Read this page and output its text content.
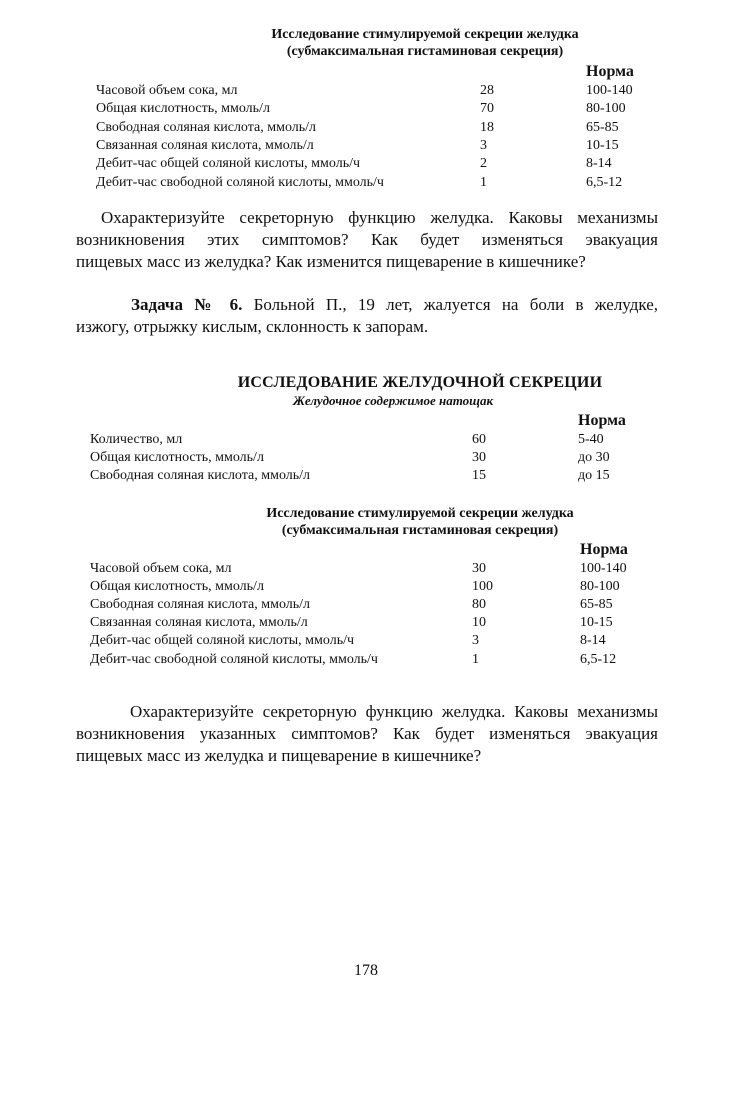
Исследование стимулируемой секреции желудка
(субмаксимальная гистаминовая секреция)
Норма
Часовой объем сока, мл	28	100-140
Общая кислотность, ммоль/л	70	80-100
Свободная соляная кислота, ммоль/л	18	65-85
Связанная соляная кислота, ммоль/л	3	10-15
Дебит-час общей соляной кислоты, ммоль/ч	2	8-14
Дебит-час свободной соляной кислоты, ммоль/ч	1	6,5-12
Охарактеризуйте секреторную функцию желудка. Каковы механизмы
возникновения этих симптомов? Как будет изменяться эвакуация
пищевых масс из желудка? Как изменится пищеварение в кишечнике?
Задача № 6. Больной П., 19 лет, жалуется на боли в желудке,
изжогу, отрыжку кислым, склонность к запорам.
ИССЛЕДОВАНИЕ ЖЕЛУДОЧНОЙ СЕКРЕЦИИ
Желудочное содержимое натощак
Норма
Количество, мл	60	5-40
Общая кислотность, ммоль/л	30	до 30
Свободная соляная кислота, ммоль/л	15	до 15
Исследование стимулируемой секреции желудка
(субмаксимальная гистаминовая секреция)
Норма
Часовой объем сока, мл	30	100-140
Общая кислотность, ммоль/л	100	80-100
Свободная соляная кислота, ммоль/л	80	65-85
Связанная соляная кислота, ммоль/л	10	10-15
Дебит-час общей соляной кислоты, ммоль/ч	3	8-14
Дебит-час свободной соляной кислоты, ммоль/ч	1	6,5-12
Охарактеризуйте секреторную функцию желудка. Каковы механизмы
возникновения указанных симптомов? Как будет изменяться эвакуация
пищевых масс из желудка и пищеварение в кишечнике?
178
